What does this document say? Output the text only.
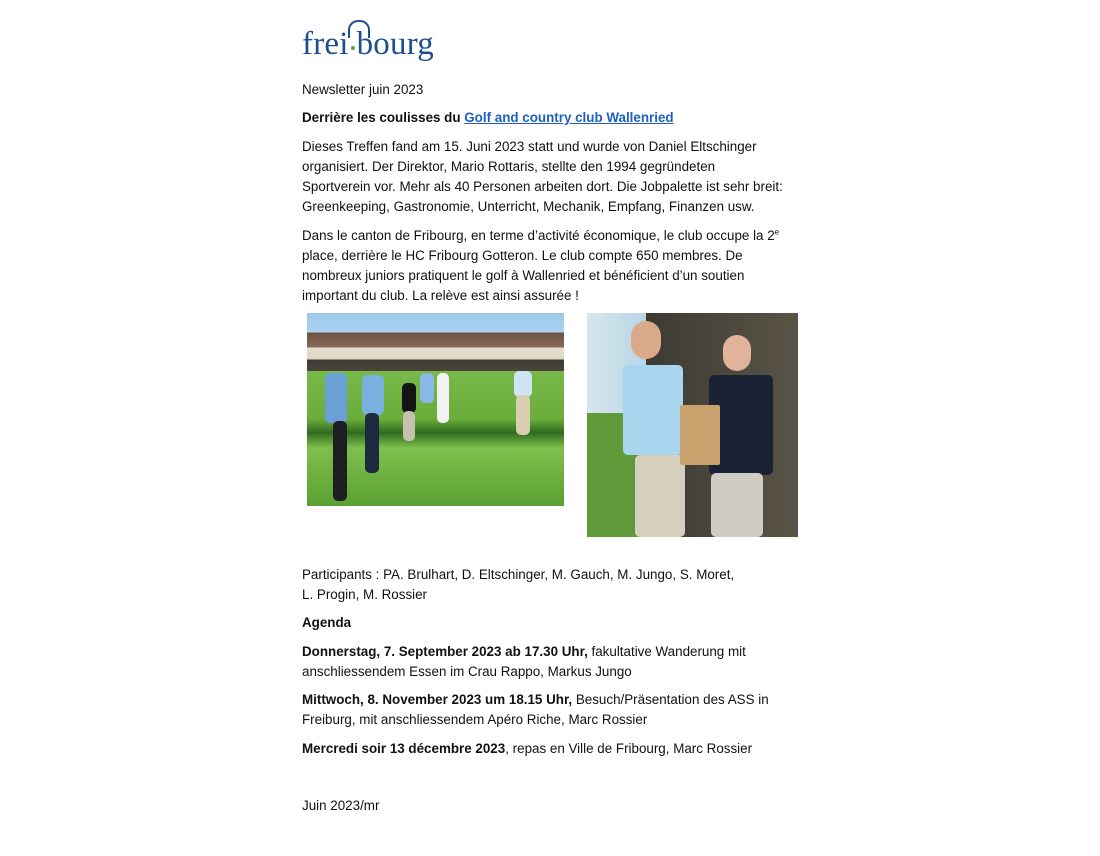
frei bourg
Newsletter juin 2023
Derrière les coulisses du Golf and country club Wallenried
Dieses Treffen fand am 15. Juni 2023 statt und wurde von Daniel Eltschinger
organisiert. Der Direktor, Mario Rottaris, stellte den 1994 gegründeten
Sportverein vor. Mehr als 40 Personen arbeiten dort. Die Jobpalette ist sehr breit:
Greenkeeping, Gastronomie, Unterricht, Mechanik, Empfang, Finanzen usw.
Dans le canton de Fribourg, en terme d’activité économique, le club occupe la 2e
place, derrière le HC Fribourg Gotteron. Le club compte 650 membres. De
nombreux juniors pratiquent le golf à Wallenried et bénéficient d’un soutien
important du club. La relève est ainsi assurée !
Participants : PA. Brulhart, D. Eltschinger, M. Gauch, M. Jungo, S. Moret,
L. Progin, M. Rossier
Agenda
Donnerstag, 7. September 2023 ab 17.30 Uhr, fakultative Wanderung mit
anschliessendem Essen im Crau Rappo, Markus Jungo
Mittwoch, 8. November 2023 um 18.15 Uhr, Besuch/Präsentation des ASS in
Freiburg, mit anschliessendem Apéro Riche, Marc Rossier
Mercredi soir 13 décembre 2023, repas en Ville de Fribourg, Marc Rossier
Juin 2023/mr
